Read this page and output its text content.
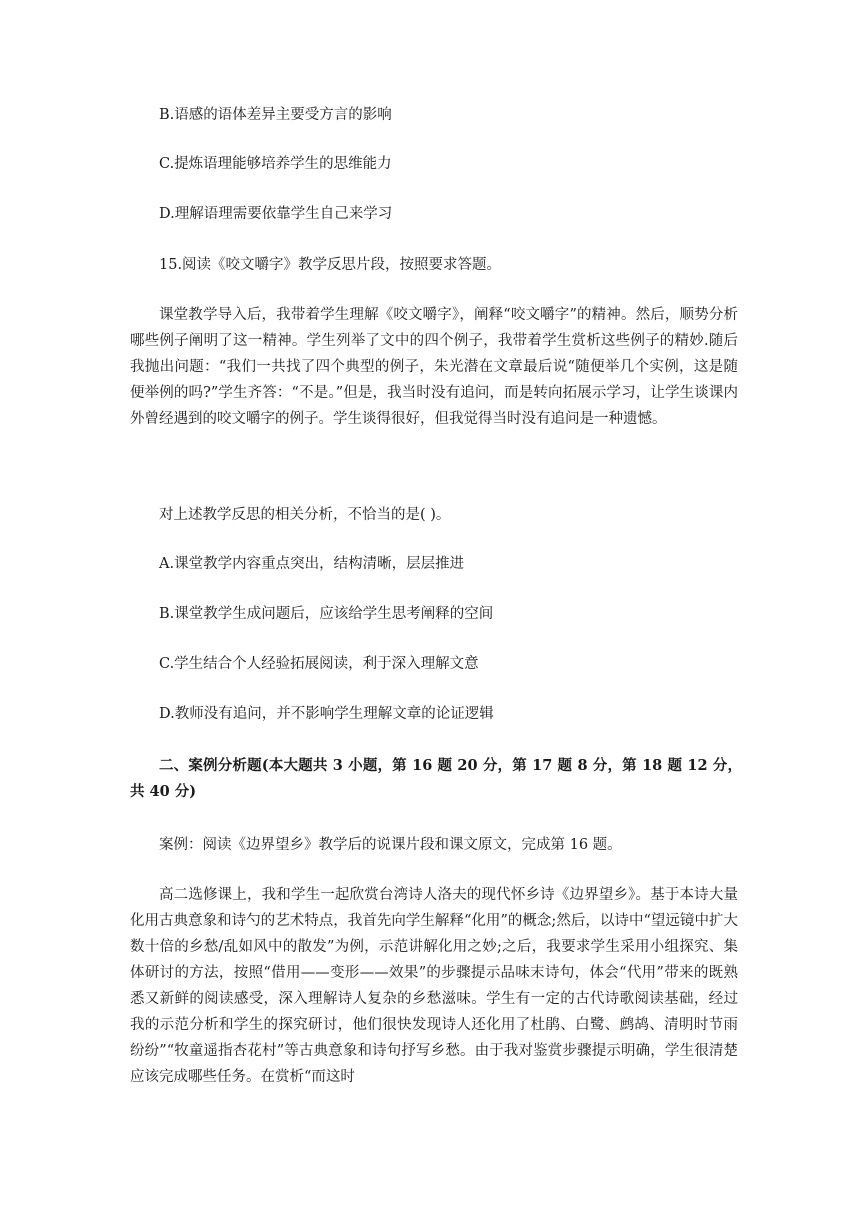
B.语感的语体差异主要受方言的影响
C.提炼语理能够培养学生的思维能力
D.理解语理需要依靠学生自己来学习
15.阅读《咬文嚼字》教学反思片段，按照要求答题。
课堂教学导入后，我带着学生理解《咬文嚼字》，阐释“咬文嚼字”的精神。然后，顺势分析哪些例子阐明了这一精神。学生列举了文中的四个例子，我带着学生赏析这些例子的精妙.随后我抛出问题：“我们一共找了四个典型的例子，朱光潜在文章最后说“随便举几个实例，这是随便举例的吗?”学生齐答：“不是。”但是，我当时没有追问，而是转向拓展示学习，让学生谈课内外曾经遇到的咬文嚼字的例子。学生谈得很好，但我觉得当时没有追问是一种遗憾。
对上述教学反思的相关分析，不恰当的是( )。
A.课堂教学内容重点突出，结构清晰，层层推进
B.课堂教学生成问题后，应该给学生思考阐释的空间
C.学生结合个人经验拓展阅读，利于深入理解文意
D.教师没有追问，并不影响学生理解文章的论证逻辑
二、案例分析题(本大题共 3 小题，第 16 题 20 分，第 17 题 8 分，第 18 题 12 分，共 40 分)
案例：阅读《边界望乡》教学后的说课片段和课文原文，完成第 16 题。
高二选修课上，我和学生一起欣赏台湾诗人洛夫的现代怀乡诗《边界望乡》。基于本诗大量化用古典意象和诗勺的艺术特点，我首先向学生解释“化用”的概念;然后，以诗中“望远镜中扩大数十倍的乡愁/乱如风中的散发”为例，示范讲解化用之妙;之后，我要求学生采用小组探究、集体研讨的方法，按照“借用——变形——效果”的步骤提示品味末诗句，体会“代用”带来的既熟悉又新鲜的阅读感受，深入理解诗人复杂的乡愁滋味。学生有一定的古代诗歌阅读基础，经过我的示范分析和学生的探究研讨，他们很快发现诗人还化用了杜鹃、白鹭、鹧鸪、清明时节雨纷纷”“牧童遥指杏花村”等古典意象和诗句抒写乡愁。由于我对鉴赏步骤提示明确，学生很清楚应该完成哪些任务。在赏析“而这时
